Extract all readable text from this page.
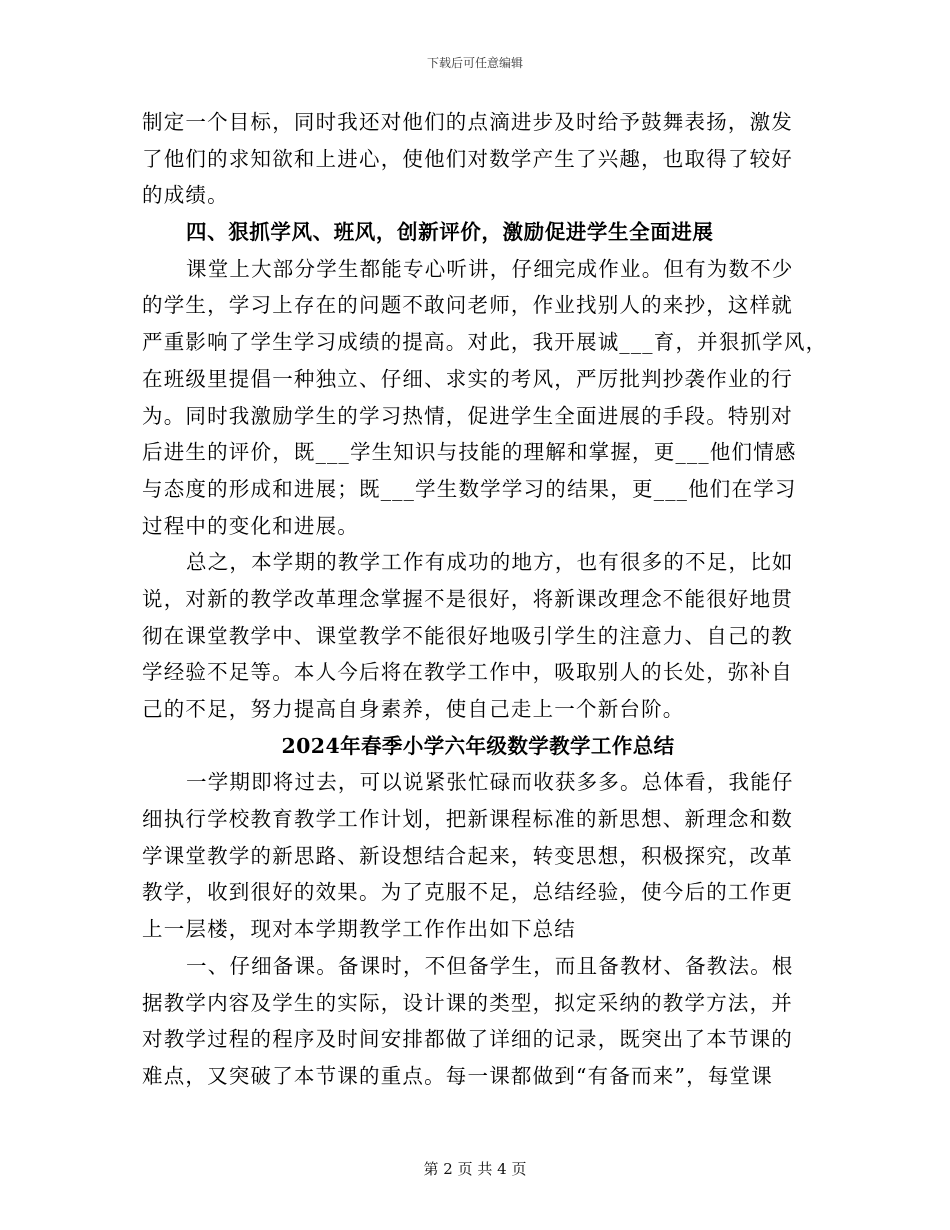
下载后可任意编辑
制定一个目标，同时我还对他们的点滴进步及时给予鼓舞表扬，激发
了他们的求知欲和上进心，使他们对数学产生了兴趣，也取得了较好
的成绩。
四、狠抓学风、班风，创新评价，激励促进学生全面进展
课堂上大部分学生都能专心听讲，仔细完成作业。但有为数不少
的学生，学习上存在的问题不敢问老师，作业找别人的来抄，这样就
严重影响了学生学习成绩的提高。对此，我开展诚___育，并狠抓学风，
在班级里提倡一种独立、仔细、求实的考风，严厉批判抄袭作业的行
为。同时我激励学生的学习热情，促进学生全面进展的手段。特别对
后进生的评价，既___学生知识与技能的理解和掌握，更___他们情感
与态度的形成和进展；既___学生数学学习的结果，更___他们在学习
过程中的变化和进展。
总之，本学期的教学工作有成功的地方，也有很多的不足，比如
说，对新的教学改革理念掌握不是很好，将新课改理念不能很好地贯
彻在课堂教学中、课堂教学不能很好地吸引学生的注意力、自己的教
学经验不足等。本人今后将在教学工作中，吸取别人的长处，弥补自
己的不足，努力提高自身素养，使自己走上一个新台阶。
2024年春季小学六年级数学教学工作总结
一学期即将过去，可以说紧张忙碌而收获多多。总体看，我能仔
细执行学校教育教学工作计划，把新课程标准的新思想、新理念和数
学课堂教学的新思路、新设想结合起来，转变思想，积极探究，改革
教学，收到很好的效果。为了克服不足，总结经验，使今后的工作更
上一层楼，现对本学期教学工作作出如下总结
一、仔细备课。备课时，不但备学生，而且备教材、备教法。根
据教学内容及学生的实际，设计课的类型，拟定采纳的教学方法，并
对教学过程的程序及时间安排都做了详细的记录，既突出了本节课的
难点，又突破了本节课的重点。每一课都做到“有备而来”，每堂课
第 2 页 共 4 页
